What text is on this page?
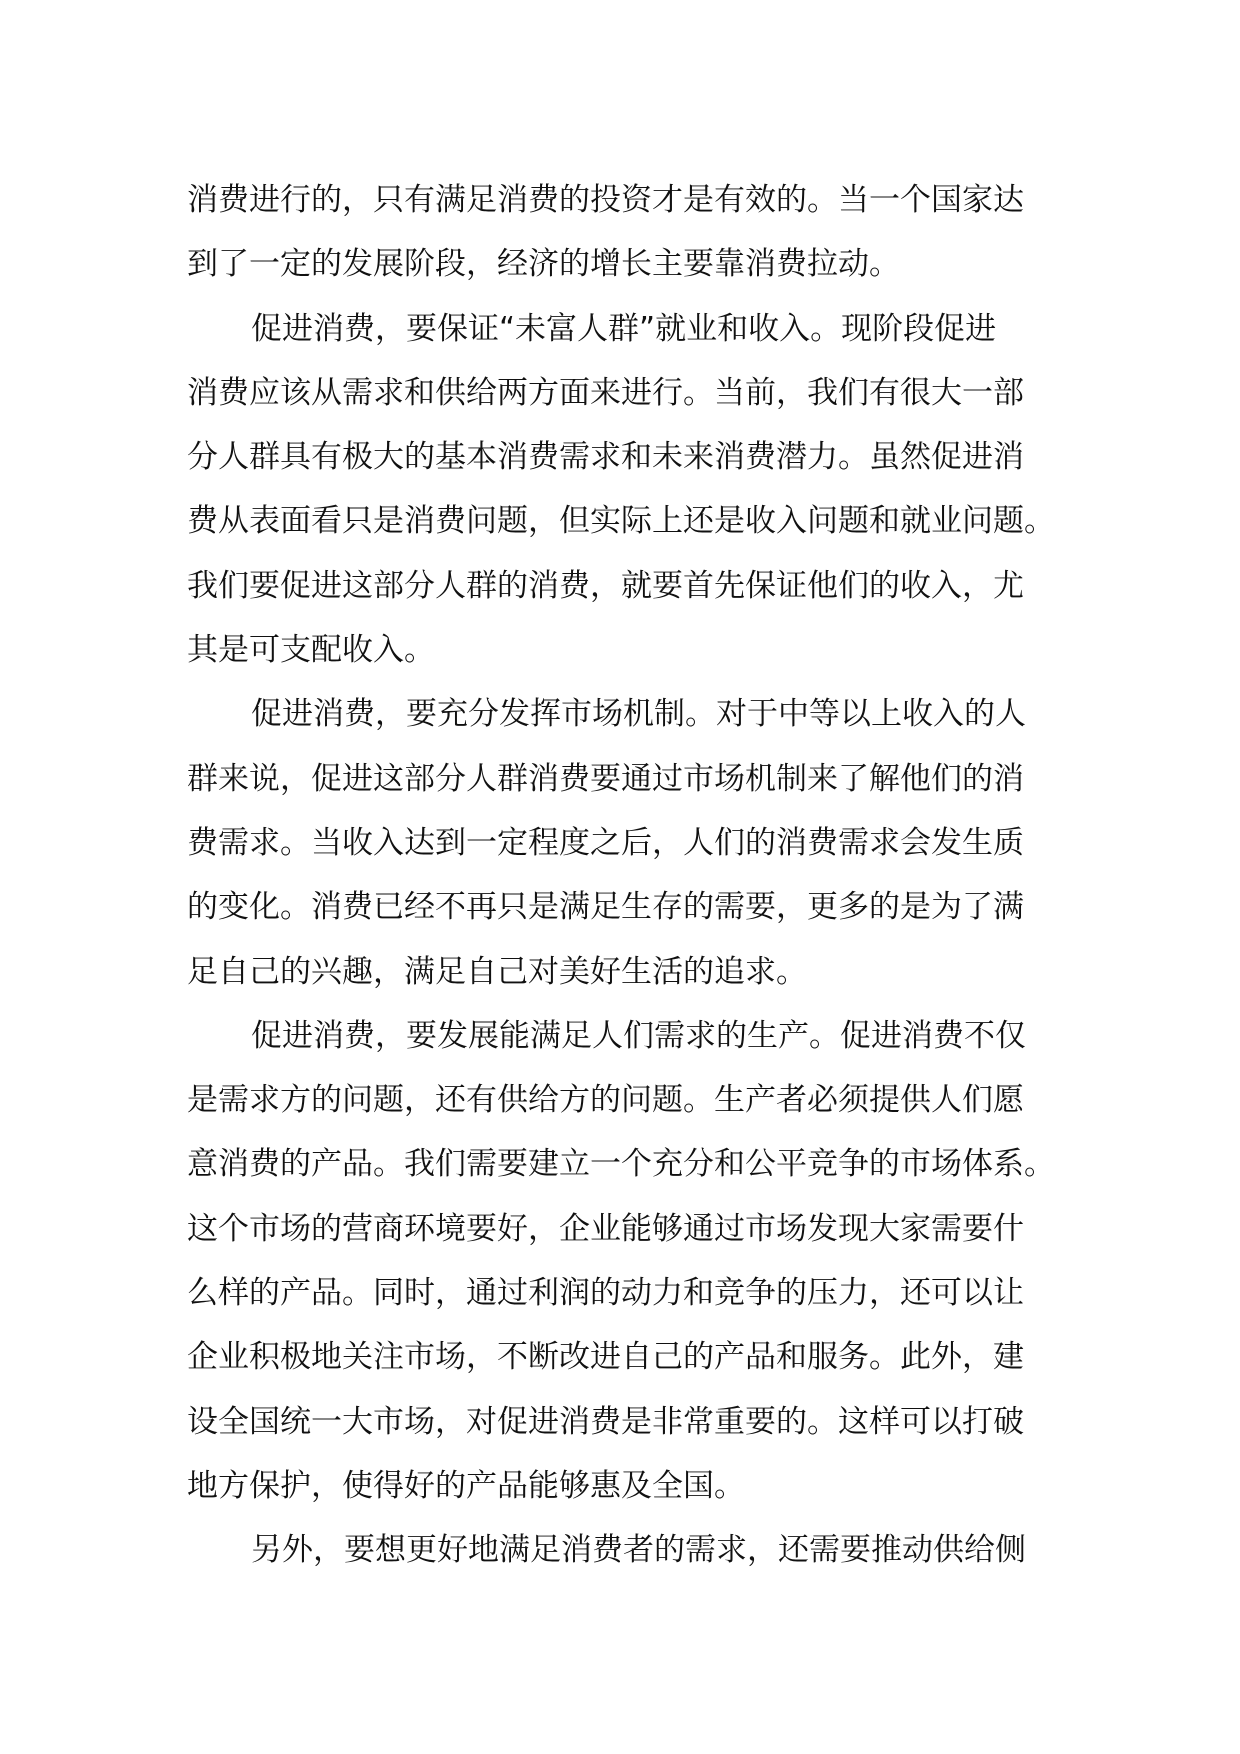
消费进行的，只有满足消费的投资才是有效的。当一个国家达
到了一定的发展阶段，经济的增长主要靠消费拉动。
促进消费，要保证“未富人群”就业和收入。现阶段促进
消费应该从需求和供给两方面来进行。当前，我们有很大一部
分人群具有极大的基本消费需求和未来消费潜力。虽然促进消
费从表面看只是消费问题，但实际上还是收入问题和就业问题。
我们要促进这部分人群的消费，就要首先保证他们的收入，尤
其是可支配收入。
促进消费，要充分发挥市场机制。对于中等以上收入的人
群来说，促进这部分人群消费要通过市场机制来了解他们的消
费需求。当收入达到一定程度之后，人们的消费需求会发生质
的变化。消费已经不再只是满足生存的需要，更多的是为了满
足自己的兴趣，满足自己对美好生活的追求。
促进消费，要发展能满足人们需求的生产。促进消费不仅
是需求方的问题，还有供给方的问题。生产者必须提供人们愿
意消费的产品。我们需要建立一个充分和公平竞争的市场体系。
这个市场的营商环境要好，企业能够通过市场发现大家需要什
么样的产品。同时，通过利润的动力和竞争的压力，还可以让
企业积极地关注市场，不断改进自己的产品和服务。此外，建
设全国统一大市场，对促进消费是非常重要的。这样可以打破
地方保护，使得好的产品能够惠及全国。
另外，要想更好地满足消费者的需求，还需要推动供给侧
